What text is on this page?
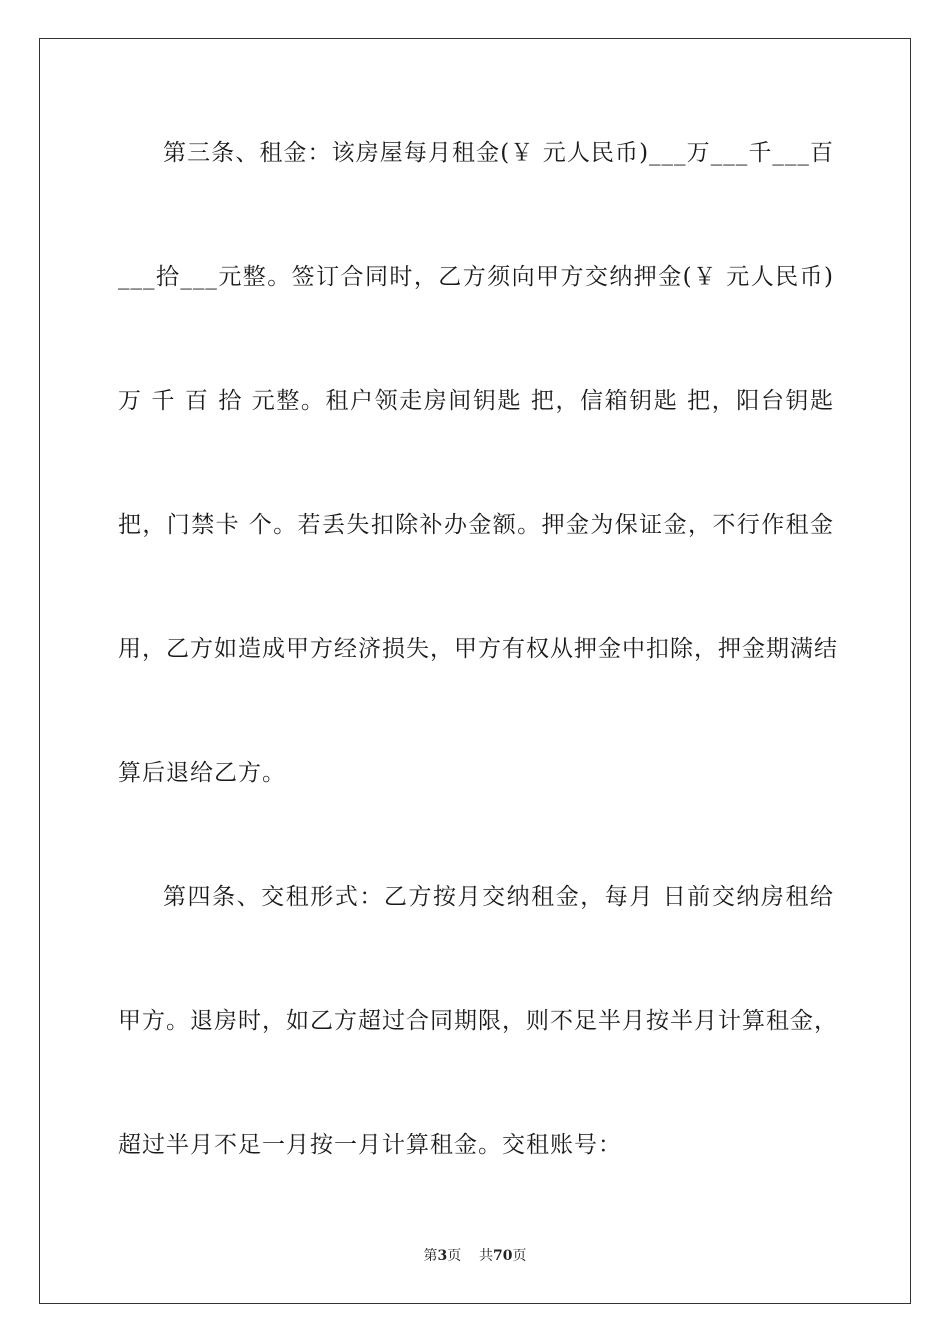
第三条、租金：该房屋每月租金(￥ 元人民币)___万___千___百
___拾___元整。签订合同时，乙方须向甲方交纳押金(￥ 元人民币)
万 千 百 拾 元整。租户领走房间钥匙 把，信箱钥匙 把，阳台钥匙
把，门禁卡 个。若丢失扣除补办金额。押金为保证金，不行作租金
用，乙方如造成甲方经济损失，甲方有权从押金中扣除，押金期满结
算后退给乙方。
第四条、交租形式：乙方按月交纳租金，每月 日前交纳房租给
甲方。退房时，如乙方超过合同期限，则不足半月按半月计算租金，
超过半月不足一月按一月计算租金。交租账号：
第3页 共70页
